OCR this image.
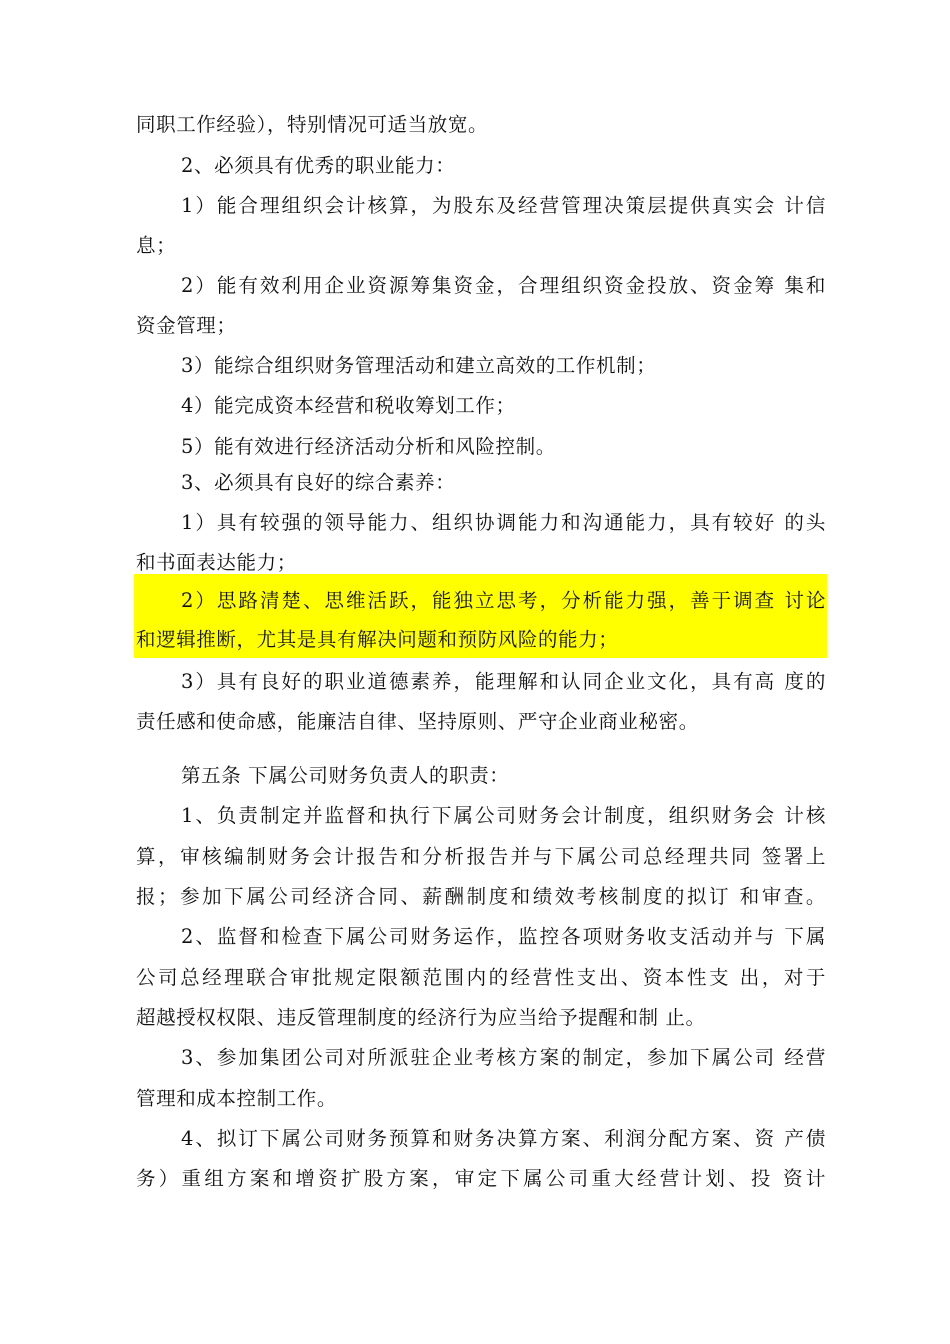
同职工作经验），特别情况可适当放宽。
2、必须具有优秀的职业能力：
1）能合理组织会计核算，为股东及经营管理决策层提供真实会 计信
息；
2）能有效利用企业资源筹集资金，合理组织资金投放、资金筹 集和
资金管理；
3）能综合组织财务管理活动和建立高效的工作机制；
4）能完成资本经营和税收筹划工作；
5）能有效进行经济活动分析和风险控制。
3、必须具有良好的综合素养：
1）具有较强的领导能力、组织协调能力和沟通能力，具有较好 的头
和书面表达能力；
2）思路清楚、思维活跃，能独立思考，分析能力强，善于调查 讨论
和逻辑推断，尤其是具有解决问题和预防风险的能力；
3）具有良好的职业道德素养，能理解和认同企业文化，具有高 度的
责任感和使命感，能廉洁自律、坚持原则、严守企业商业秘密。
第五条 下属公司财务负责人的职责：
1、负责制定并监督和执行下属公司财务会计制度，组织财务会 计核
算，审核编制财务会计报告和分析报告并与下属公司总经理共同 签署上
报；参加下属公司经济合同、薪酬制度和绩效考核制度的拟订 和审查。
2、监督和检查下属公司财务运作，监控各项财务收支活动并与 下属
公司总经理联合审批规定限额范围内的经营性支出、资本性支 出，对于
超越授权权限、违反管理制度的经济行为应当给予提醒和制 止。
3、参加集团公司对所派驻企业考核方案的制定，参加下属公司 经营
管理和成本控制工作。
4、拟订下属公司财务预算和财务决算方案、利润分配方案、资 产债
务）重组方案和增资扩股方案，审定下属公司重大经营计划、投 资计
